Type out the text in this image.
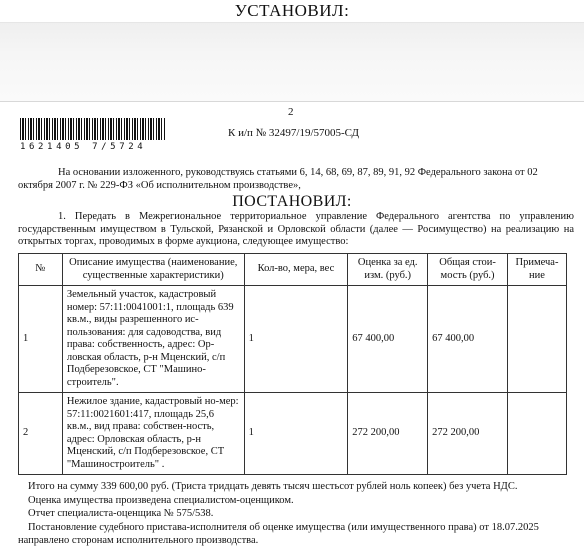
УСТАНОВИЛ:
2
1621405 7/5724
К и/п № 32497/19/57005-СД

На основании изложенного, руководствуясь статьями 6, 14, 68, 69, 87, 89, 91, 92 Федерального закона от 02 октября 2007 г. № 229-ФЗ «Об исполнительном производстве»,

ПОСТАНОВИЛ:

1. Передать в Межрегиональное территориальное управление Федерального агентства по управлению государственным имуществом в Тульской, Рязанской и Орловской области (далее — Росимущество) на реализацию на открытых торгах, проводимых в форме аукциона, следующее имущество:

№	Описание имущества (наименование, существенные характеристики)	Кол-во, мера, вес	Оценка за ед. изм. (руб.)	Общая стои-мость (руб.)	Примеча-ние
1	Земельный участок, кадастровый номер: 57:11:0041001:1, площадь 639 кв.м., виды разрешенного ис-пользования: для садоводства, вид права: собственность, адрес: Ор-ловская область, р-н Мценский, с/п Подберезовское, СТ "Машино-строитель".	1	67 400,00	67 400,00	
2	Нежилое здание, кадастровый но-мер: 57:11:0021601:417, площадь 25,6 кв.м., вид права: собствен-ность, адрес: Орловская область, р-н Мценский, с/п Подберезовское, СТ "Машиностроитель" .	1	272 200,00	272 200,00	

Итого на сумму 339 600,00 руб. (Триста тридцать девять тысяч шестьсот рублей ноль копеек) без учета НДС.

Оценка имущества произведена специалистом-оценщиком.

Отчет специалиста-оценщика № 575/538.

Постановление судебного пристава-исполнителя об оценке имущества (или имущественного права) от 18.07.2025 направлено сторонам исполнительного производства.
